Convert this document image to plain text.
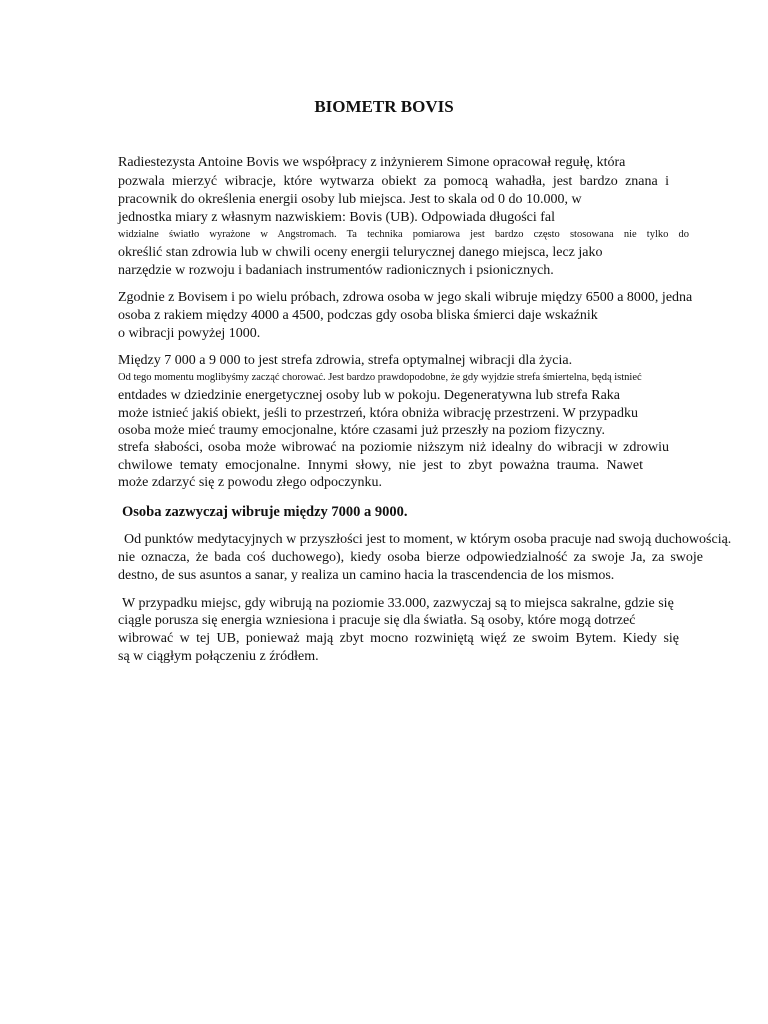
BIOMETR BOVIS
Radiestezysta Antoine Bovis we współpracy z inżynierem Simone opracował regułę, która
pozwala mierzyć wibracje, które wytwarza obiekt za pomocą wahadła, jest bardzo znana i
pracownik do określenia energii osoby lub miejsca. Jest to skala od 0 do 10.000, w
jednostka miary z własnym nazwiskiem: Bovis (UB). Odpowiada długości fal
widzialne światło wyrażone w Angstromach. Ta technika pomiarowa jest bardzo często stosowana nie tylko do
określić stan zdrowia lub w chwili oceny energii telurycznej danego miejsca, lecz jako
narzędzie w rozwoju i badaniach instrumentów radionicznych i psionicznych.
Zgodnie z Bovisem i po wielu próbach, zdrowa osoba w jego skali wibruje między 6500 a 8000, jedna
osoba z rakiem między 4000 a 4500, podczas gdy osoba bliska śmierci daje wskaźnik
o wibracji powyżej 1000.
Między 7 000 a 9 000 to jest strefa zdrowia, strefa optymalnej wibracji dla życia.
Od tego momentu moglibyśmy zacząć chorować. Jest bardzo prawdopodobne, że gdy wyjdzie strefa śmiertelna, będą istnieć
entdades w dziedzinie energetycznej osoby lub w pokoju. Degeneratywna lub strefa Raka
może istnieć jakiś obiekt, jeśli to przestrzeń, która obniża wibrację przestrzeni. W przypadku
osoba może mieć traumy emocjonalne, które czasami już przeszły na poziom fizyczny.
strefa słabości, osoba może wibrować na poziomie niższym niż idealny do wibracji w zdrowiu
chwilowe tematy emocjonalne. Innymi słowy, nie jest to zbyt poważna trauma. Nawet
może zdarzyć się z powodu złego odpoczynku.
Osoba zazwyczaj wibruje między 7000 a 9000.
Od punktów medytacyjnych w przyszłości jest to moment, w którym osoba pracuje nad swoją duchowością.
nie oznacza, że bada coś duchowego), kiedy osoba bierze odpowiedzialność za swoje Ja, za swoje
destno, de sus asuntos a sanar, y realiza un camino hacia la trascendencia de los mismos.
W przypadku miejsc, gdy wibrują na poziomie 33.000, zazwyczaj są to miejsca sakralne, gdzie się
ciągle porusza się energia wzniesiona i pracuje się dla światła. Są osoby, które mogą dotrzeć
wibrować w tej UB, ponieważ mają zbyt mocno rozwiniętą więź ze swoim Bytem. Kiedy się
są w ciągłym połączeniu z źródłem.
